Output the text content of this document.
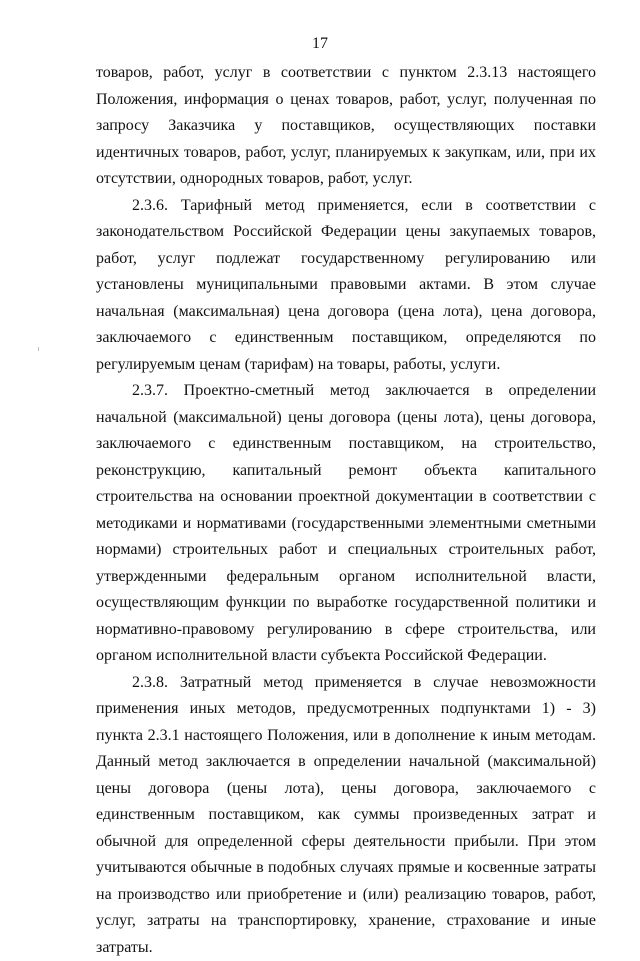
17

товаров, работ, услуг в соответствии с пунктом 2.3.13 настоящего Положения, информация о ценах товаров, работ, услуг, полученная по запросу Заказчика у поставщиков, осуществляющих поставки идентичных товаров, работ, услуг, планируемых к закупкам, или, при их отсутствии, однородных товаров, работ, услуг.

2.3.6. Тарифный метод применяется, если в соответствии с законодательством Российской Федерации цены закупаемых товаров, работ, услуг подлежат государственному регулированию или установлены муниципальными правовыми актами. В этом случае начальная (максимальная) цена договора (цена лота), цена договора, заключаемого с единственным поставщиком, определяются по регулируемым ценам (тарифам) на товары, работы, услуги.

2.3.7. Проектно-сметный метод заключается в определении начальной (максимальной) цены договора (цены лота), цены договора, заключаемого с единственным поставщиком, на строительство, реконструкцию, капитальный ремонт объекта капитального строительства на основании проектной документации в соответствии с методиками и нормативами (государственными элементными сметными нормами) строительных работ и специальных строительных работ, утвержденными федеральным органом исполнительной власти, осуществляющим функции по выработке государственной политики и нормативно-правовому регулированию в сфере строительства, или органом исполнительной власти субъекта Российской Федерации.

2.3.8. Затратный метод применяется в случае невозможности применения иных методов, предусмотренных подпунктами 1) - 3) пункта 2.3.1 настоящего Положения, или в дополнение к иным методам. Данный метод заключается в определении начальной (максимальной) цены договора (цены лота), цены договора, заключаемого с единственным поставщиком, как суммы произведенных затрат и обычной для определенной сферы деятельности прибыли. При этом учитываются обычные в подобных случаях прямые и косвенные затраты на производство или приобретение и (или) реализацию товаров, работ, услуг, затраты на транспортировку, хранение, страхование и иные затраты.
